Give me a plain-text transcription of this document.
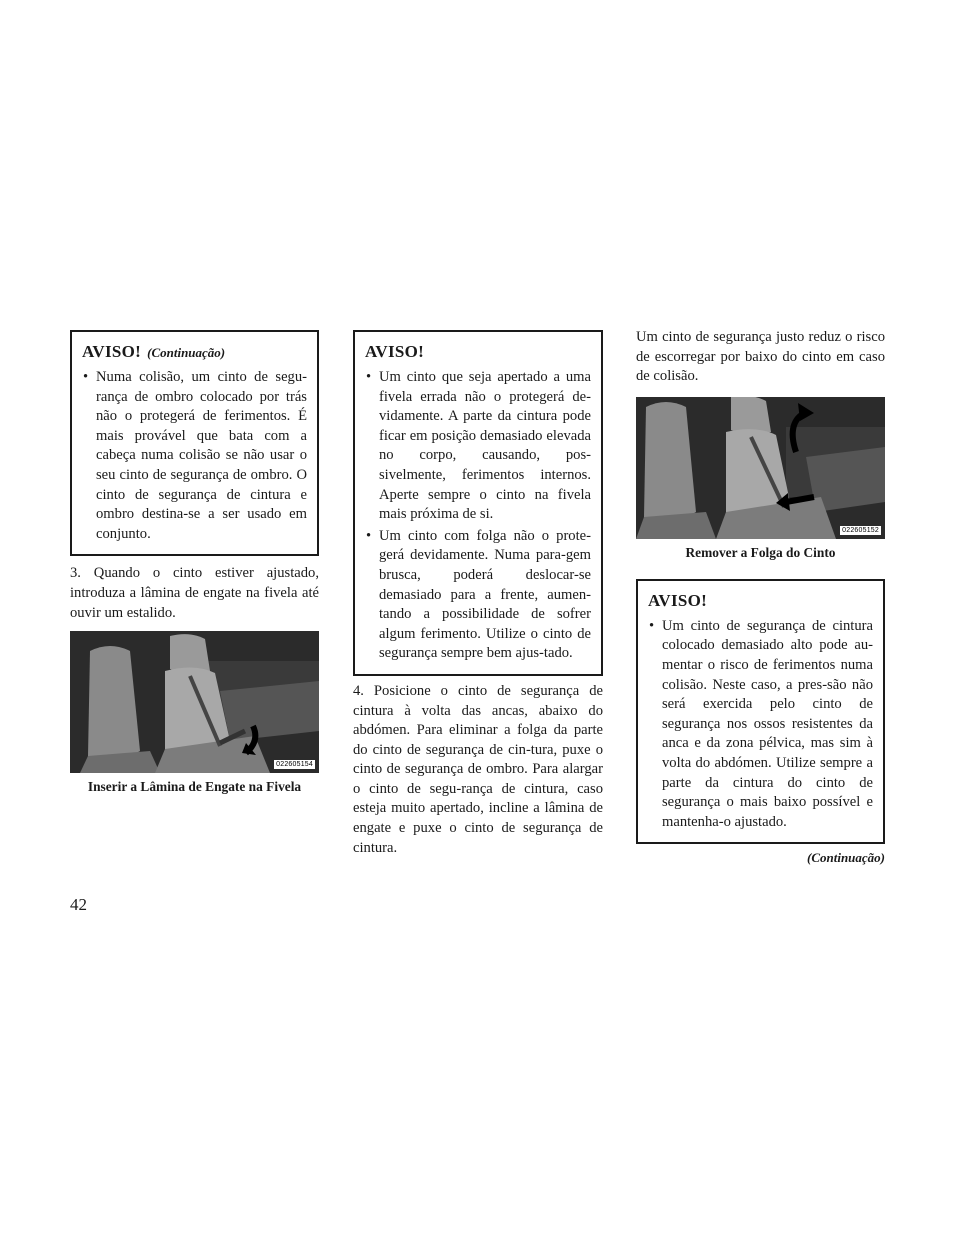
AVISO! (Continuação)
• Numa colisão, um cinto de segu-rança de ombro colocado por trás não o protegerá de ferimentos. É mais provável que bata com a cabeça numa colisão se não usar o seu cinto de segurança de ombro. O cinto de segurança de cintura e ombro destina-se a ser usado em conjunto.

3. Quando o cinto estiver ajustado, introduza a lâmina de engate na fivela até ouvir um estalido.

022605154

Inserir a Lâmina de Engate na Fivela

AVISO!
• Um cinto que seja apertado a uma fivela errada não o protegerá de-vidamente. A parte da cintura pode ficar em posição demasiado elevada no corpo, causando, pos-sivelmente, ferimentos internos. Aperte sempre o cinto na fivela mais próxima de si.
• Um cinto com folga não o prote-gerá devidamente. Numa para-gem brusca, poderá deslocar-se demasiado para a frente, aumen-tando a possibilidade de sofrer algum ferimento. Utilize o cinto de segurança sempre bem ajus-tado.

4. Posicione o cinto de segurança de cintura à volta das ancas, abaixo do abdómen. Para eliminar a folga da parte do cinto de segurança de cin-tura, puxe o cinto de segurança de ombro. Para alargar o cinto de segu-rança de cintura, caso esteja muito apertado, incline a lâmina de engate e puxe o cinto de segurança de cintura.

Um cinto de segurança justo reduz o risco de escorregar por baixo do cinto em caso de colisão.

022605152

Remover a Folga do Cinto

AVISO!
• Um cinto de segurança de cintura colocado demasiado alto pode au-mentar o risco de ferimentos numa colisão. Neste caso, a pres-são não será exercida pelo cinto de segurança nos ossos resistentes da anca e da zona pélvica, mas sim à volta do abdómen. Utilize sempre a parte da cintura do cinto de segurança o mais baixo possível e mantenha-o ajustado.
(Continuação)
42
